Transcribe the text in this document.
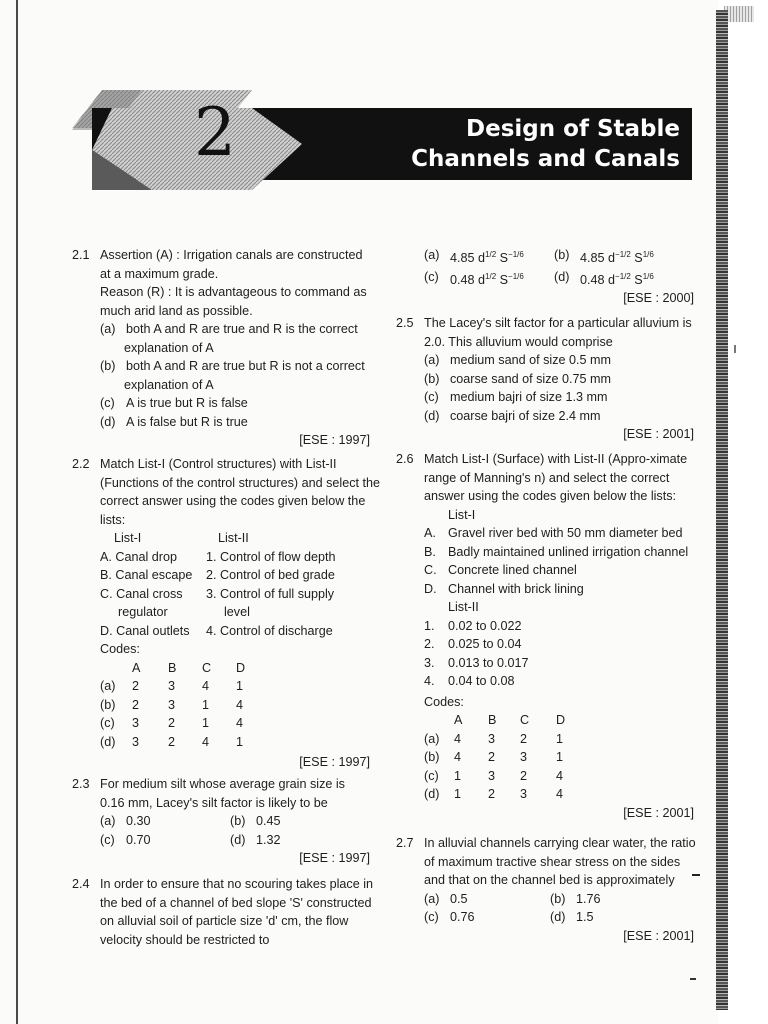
2	Design of Stable
Channels and Canals
2.1 Assertion (A) : Irrigation canals are constructed
at a maximum grade.
Reason (R) : It is advantageous to command as
much arid land as possible.
(a) both A and R are true and R is the correct
explanation of A
(b) both A and R are true but R is not a correct
explanation of A
(c) A is true but R is false
(d) A is false but R is true
[ESE : 1997]
2.2 Match List-I (Control structures) with List-II
(Functions of the control structures) and select the
correct answer using the codes given below the
lists:
List-I	List-II
A. Canal drop	1. Control of flow depth
B. Canal escape	2. Control of bed grade
C. Canal cross	3. Control of full supply
regulator	level
D. Canal outlets	4. Control of discharge
Codes:
	A	B	C	D
(a)	2	3	4	1
(b)	2	3	1	4
(c)	3	2	1	4
(d)	3	2	4	1
[ESE : 1997]
2.3 For medium silt whose average grain size is
0.16 mm, Lacey's silt factor is likely to be
(a) 0.30	(b) 0.45
(c) 0.70	(d) 1.32
[ESE : 1997]
2.4 In order to ensure that no scouring takes place in
the bed of a channel of bed slope 'S' constructed
on alluvial soil of particle size 'd' cm, the flow
velocity should be restricted to
(a) 4.85 $d^{1/2}$ $S^{-1/6}$	(b) 4.85 $d^{-1/2}$ $S^{1/6}$
(c) 0.48 $d^{1/2}$ $S^{-1/6}$	(d) 0.48 $d^{-1/2}$ $S^{1/6}$
[ESE : 2000]
2.5 The Lacey's silt factor for a particular alluvium is
2.0. This alluvium would comprise
(a) medium sand of size 0.5 mm
(b) coarse sand of size 0.75 mm
(c) medium bajri of size 1.3 mm
(d) coarse bajri of size 2.4 mm
[ESE : 2001]
2.6 Match List-I (Surface) with List-II (Appro-ximate
range of Manning's n) and select the correct
answer using the codes given below the lists:
List-I
A. Gravel river bed with 50 mm diameter bed
B. Badly maintained unlined irrigation channel
C. Concrete lined channel
D. Channel with brick lining
List-II
1.	0.02 to 0.022
2.	0.025 to 0.04
3.	0.013 to 0.017
4.	0.04 to 0.08
Codes:
	A	B	C	D
(a)	4	3	2	1
(b)	4	2	3	1
(c)	1	3	2	4
(d)	1	2	3	4
[ESE : 2001]
2.7 In alluvial channels carrying clear water, the ratio
of maximum tractive shear stress on the sides
and that on the channel bed is approximately
(a) 0.5	(b) 1.76
(c) 0.76	(d) 1.5
[ESE : 2001]
